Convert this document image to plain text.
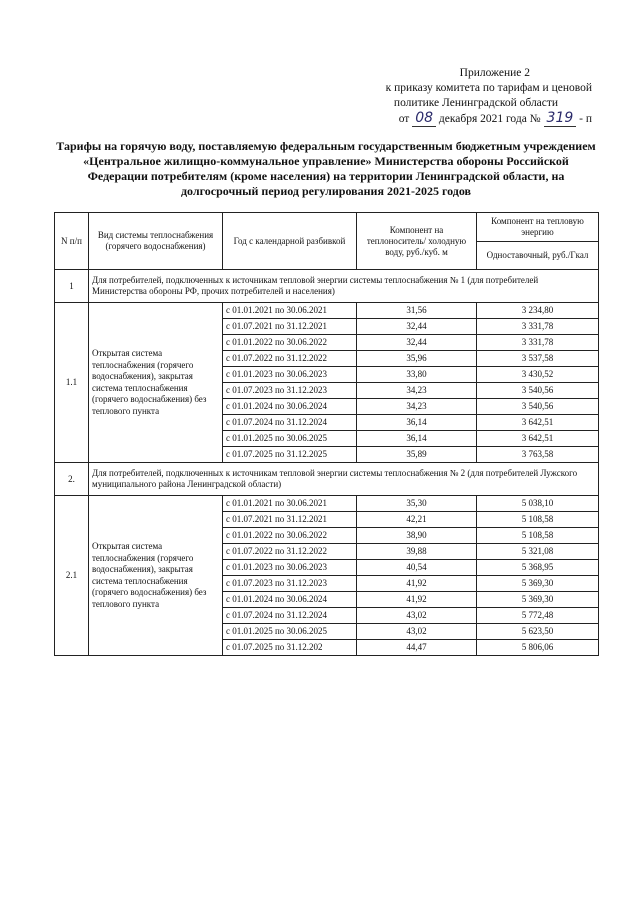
Приложение 2
к приказу комитета по тарифам и ценовой
политике Ленинградской области
от 08 декабря 2021 года № 319 - п
Тарифы на горячую воду, поставляемую федеральным государственным бюджетным учреждением «Центральное жилищно-коммунальное управление» Министерства обороны Российской Федерации потребителям (кроме населения) на территории Ленинградской области, на долгосрочный период регулирования 2021-2025 годов
N п/п	Вид системы теплоснабжения (горячего водоснабжения)	Год с календарной разбивкой	Компонент на теплоноситель/ холодную воду, руб./куб. м	Компонент на тепловую энергию
				Одноставочный, руб./Гкал
1	Для потребителей, подключенных к источникам тепловой энергии системы теплоснабжения № 1 (для потребителей Министерства обороны РФ, прочих потребителей и населения)			
1.1	Открытая система теплоснабжения (горячего водоснабжения), закрытая система теплоснабжения (горячего водоснабжения) без теплового пункта	с 01.01.2021 по 30.06.2021	31,56	3 234,80
		с 01.07.2021 по 31.12.2021	32,44	3 331,78
		с 01.01.2022 по 30.06.2022	32,44	3 331,78
		с 01.07.2022 по 31.12.2022	35,96	3 537,58
		с 01.01.2023 по 30.06.2023	33,80	3 430,52
		с 01.07.2023 по 31.12.2023	34,23	3 540,56
		с 01.01.2024 по 30.06.2024	34,23	3 540,56
		с 01.07.2024 по 31.12.2024	36,14	3 642,51
		с 01.01.2025 по 30.06.2025	36,14	3 642,51
		с 01.07.2025 по 31.12.2025	35,89	3 763,58
2.	Для потребителей, подключенных к источникам тепловой энергии системы теплоснабжения № 2 (для потребителей Лужского муниципального района Ленинградской области)			
2.1	Открытая система теплоснабжения (горячего водоснабжения), закрытая система теплоснабжения (горячего водоснабжения) без теплового пункта	с 01.01.2021 по 30.06.2021	35,30	5 038,10
		с 01.07.2021 по 31.12.2021	42,21	5 108,58
		с 01.01.2022 по 30.06.2022	38,90	5 108,58
		с 01.07.2022 по 31.12.2022	39,88	5 321,08
		с 01.01.2023 по 30.06.2023	40,54	5 368,95
		с 01.07.2023 по 31.12.2023	41,92	5 369,30
		с 01.01.2024 по 30.06.2024	41,92	5 369,30
		с 01.07.2024 по 31.12.2024	43,02	5 772,48
		с 01.01.2025 по 30.06.2025	43,02	5 623,50
		с 01.07.2025 по 31.12.202	44,47	5 806,06
